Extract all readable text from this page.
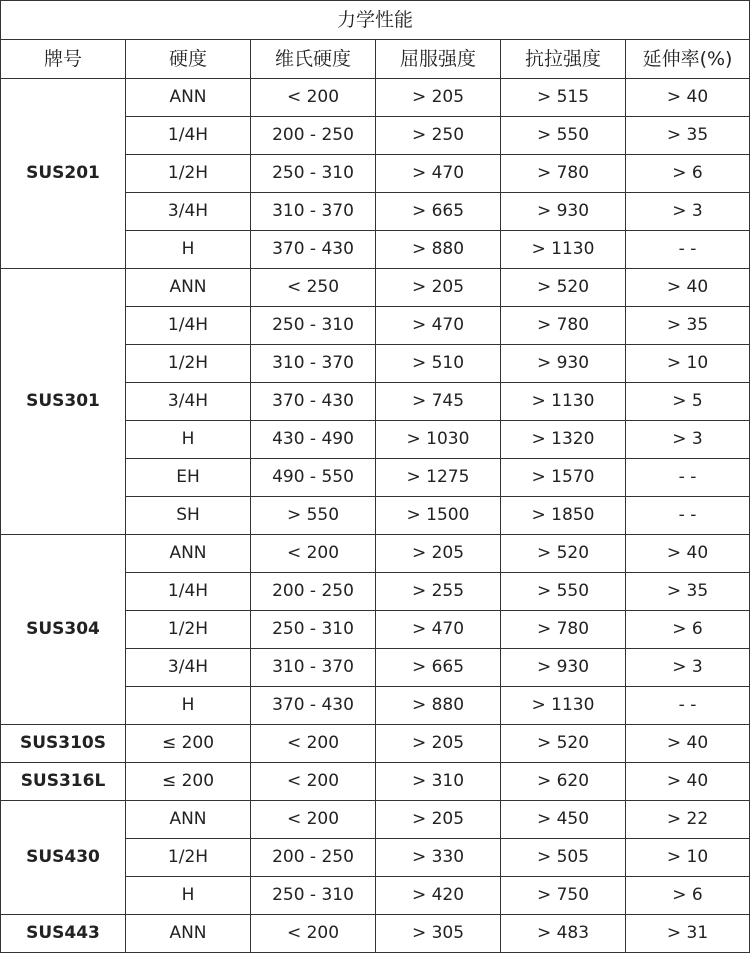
力学性能					
牌号	硬度	维氏硬度	屈服强度	抗拉强度	延伸率(%)
SUS201	ANN	< 200	> 205	> 515	> 40
	1/4H	200 - 250	> 250	> 550	> 35
	1/2H	250 - 310	> 470	> 780	> 6
	3/4H	310 - 370	> 665	> 930	> 3
	H	370 - 430	> 880	> 1130	- -
SUS301	ANN	< 250	> 205	> 520	> 40
	1/4H	250 - 310	> 470	> 780	> 35
	1/2H	310 - 370	> 510	> 930	> 10
	3/4H	370 - 430	> 745	> 1130	> 5
	H	430 - 490	> 1030	> 1320	> 3
	EH	490 - 550	> 1275	> 1570	- -
	SH	> 550	> 1500	> 1850	- -
SUS304	ANN	< 200	> 205	> 520	> 40
	1/4H	200 - 250	> 255	> 550	> 35
	1/2H	250 - 310	> 470	> 780	> 6
	3/4H	310 - 370	> 665	> 930	> 3
	H	370 - 430	> 880	> 1130	- -
SUS310S	≤ 200	< 200	> 205	> 520	> 40
SUS316L	≤ 200	< 200	> 310	> 620	> 40
SUS430	ANN	< 200	> 205	> 450	> 22
	1/2H	200 - 250	> 330	> 505	> 10
	H	250 - 310	> 420	> 750	> 6
SUS443	ANN	< 200	> 305	> 483	> 31
